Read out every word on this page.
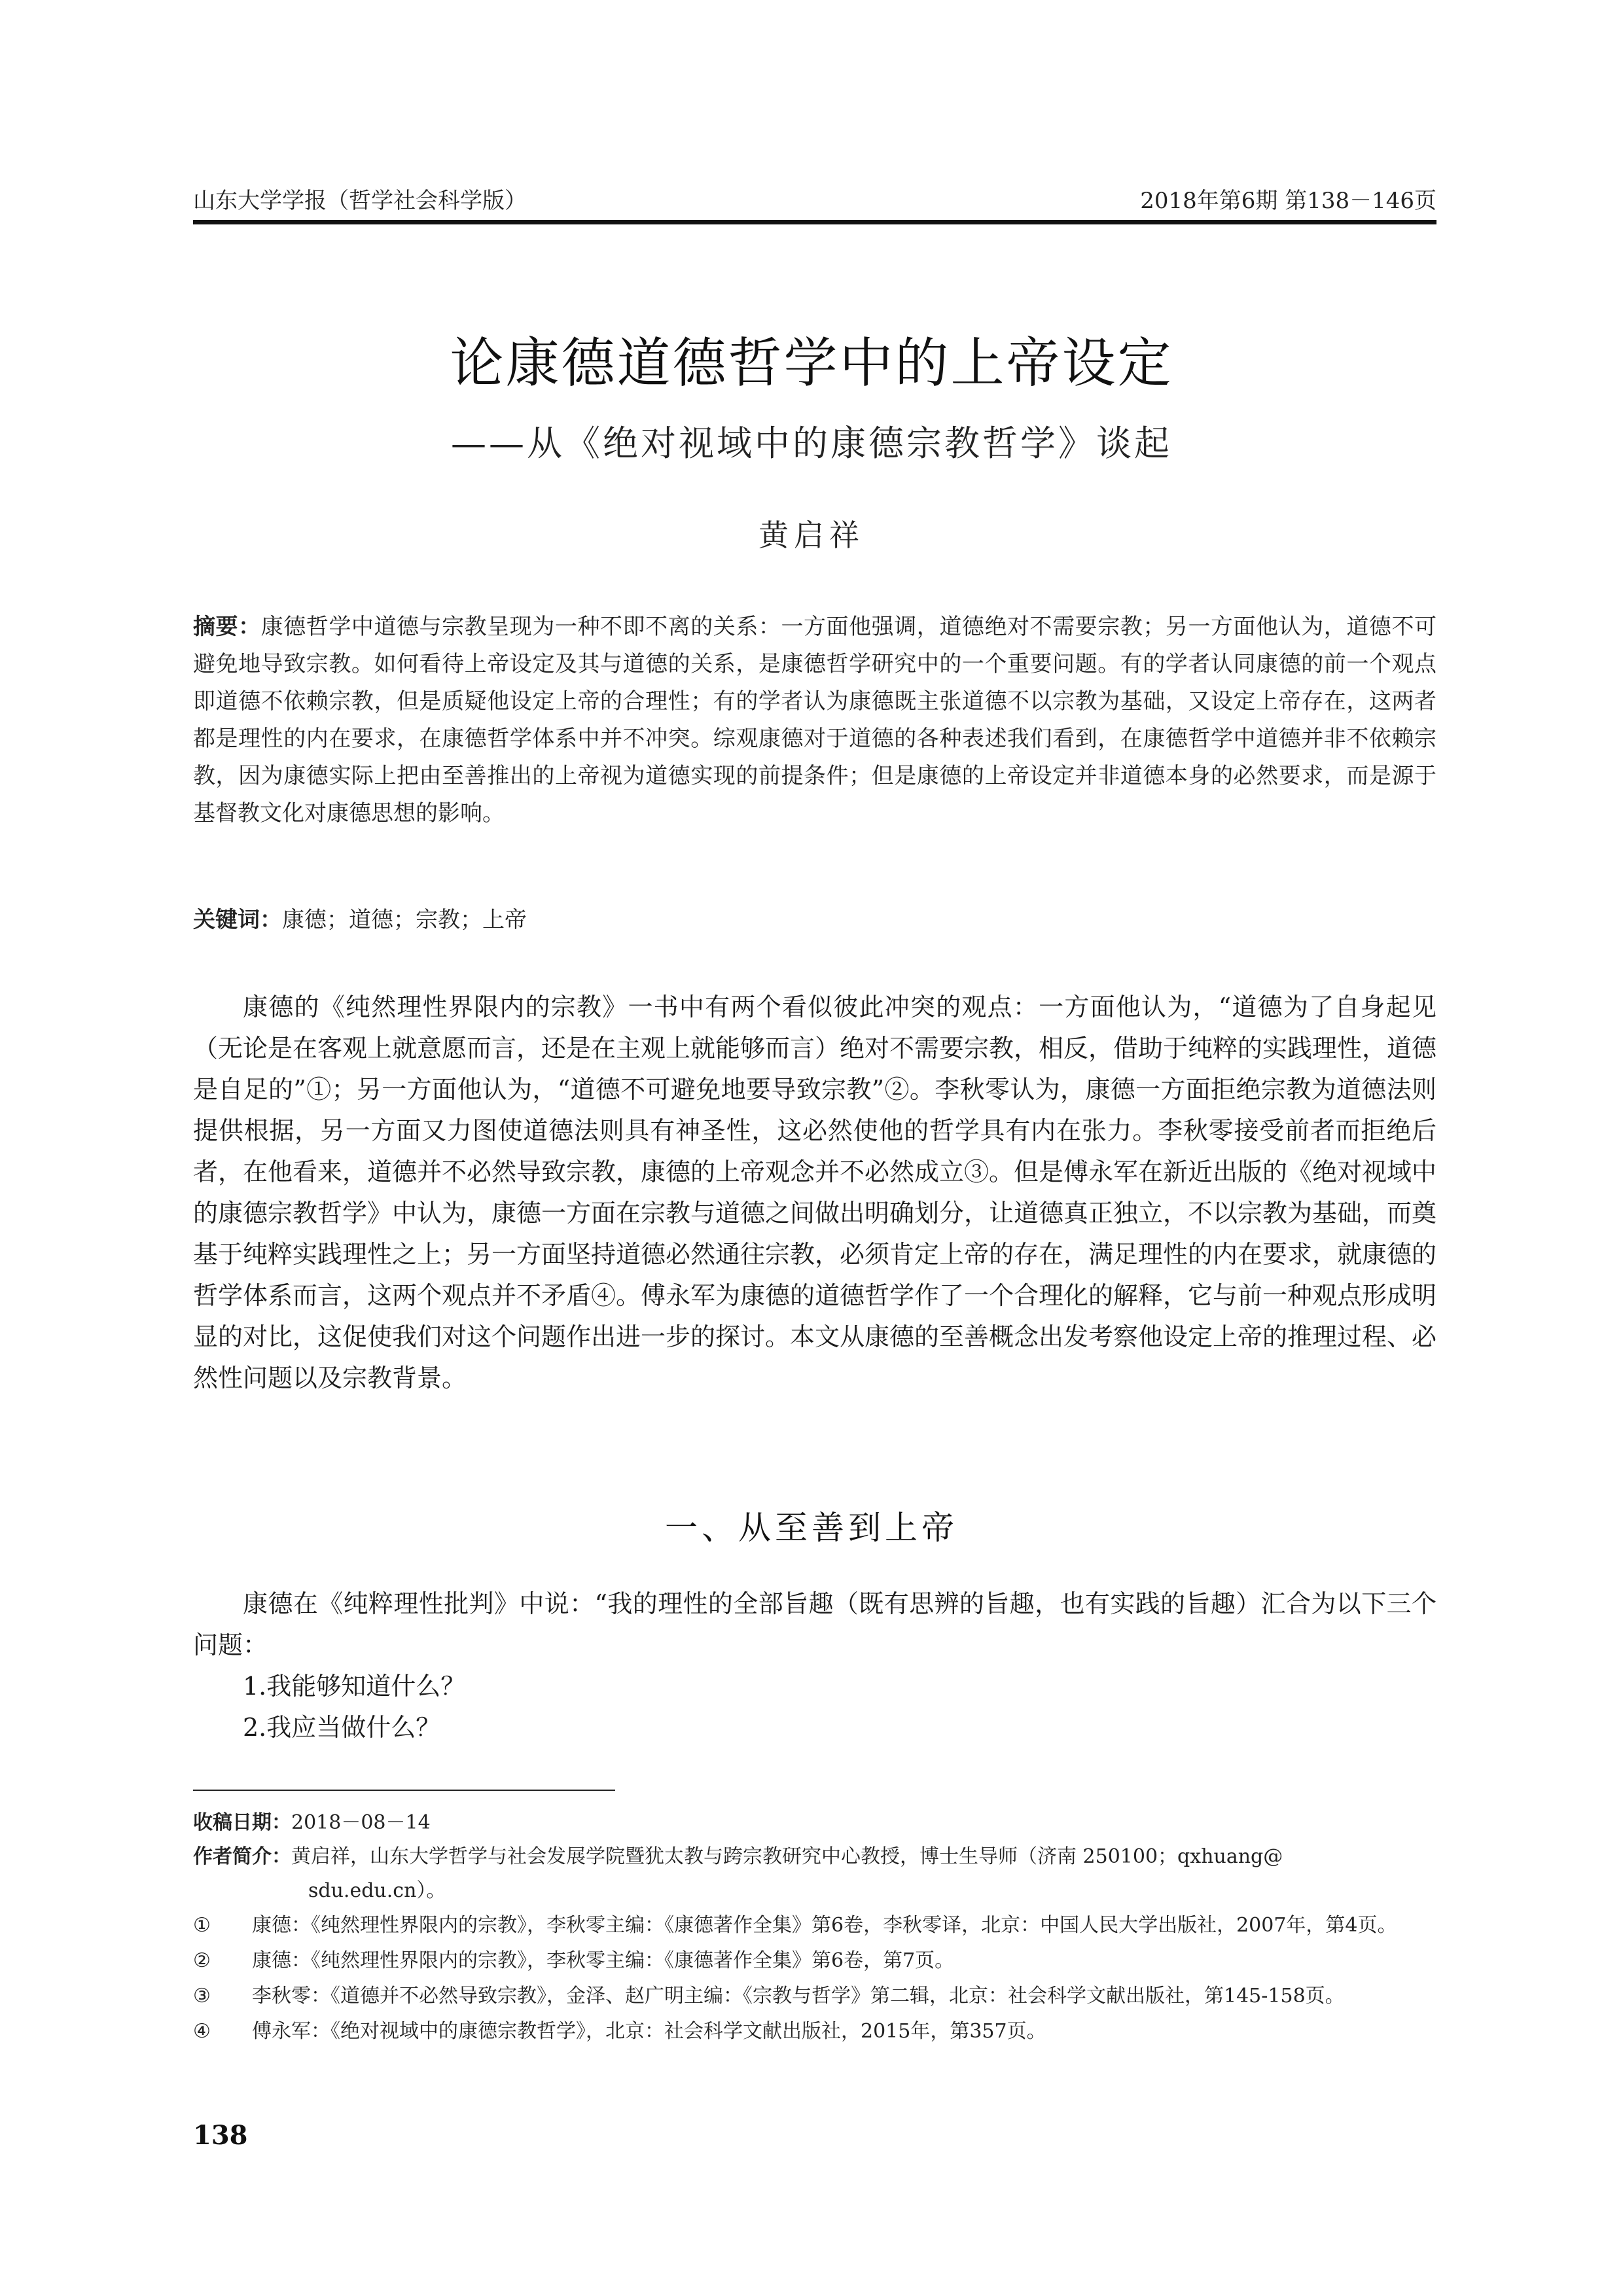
山东大学学报（哲学社会科学版）	2018年第6期 第138－146页
论康德道德哲学中的上帝设定
——从《绝对视域中的康德宗教哲学》谈起
黄启祥
摘要：康德哲学中道德与宗教呈现为一种不即不离的关系：一方面他强调，道德绝对不需要宗教；另一方面他认为，道德不可避免地导致宗教。如何看待上帝设定及其与道德的关系，是康德哲学研究中的一个重要问题。有的学者认同康德的前一个观点即道德不依赖宗教，但是质疑他设定上帝的合理性；有的学者认为康德既主张道德不以宗教为基础，又设定上帝存在，这两者都是理性的内在要求，在康德哲学体系中并不冲突。综观康德对于道德的各种表述我们看到，在康德哲学中道德并非不依赖宗教，因为康德实际上把由至善推出的上帝视为道德实现的前提条件；但是康德的上帝设定并非道德本身的必然要求，而是源于基督教文化对康德思想的影响。
关键词：康德；道德；宗教；上帝

康德的《纯然理性界限内的宗教》一书中有两个看似彼此冲突的观点：一方面他认为，“道德为了自身起见（无论是在客观上就意愿而言，还是在主观上就能够而言）绝对不需要宗教，相反，借助于纯粹的实践理性，道德是自足的”①；另一方面他认为，“道德不可避免地要导致宗教”②。李秋零认为，康德一方面拒绝宗教为道德法则提供根据，另一方面又力图使道德法则具有神圣性，这必然使他的哲学具有内在张力。李秋零接受前者而拒绝后者，在他看来，道德并不必然导致宗教，康德的上帝观念并不必然成立③。但是傅永军在新近出版的《绝对视域中的康德宗教哲学》中认为，康德一方面在宗教与道德之间做出明确划分，让道德真正独立，不以宗教为基础，而奠基于纯粹实践理性之上；另一方面坚持道德必然通往宗教，必须肯定上帝的存在，满足理性的内在要求，就康德的哲学体系而言，这两个观点并不矛盾④。傅永军为康德的道德哲学作了一个合理化的解释，它与前一种观点形成明显的对比，这促使我们对这个问题作出进一步的探讨。本文从康德的至善概念出发考察他设定上帝的推理过程、必然性问题以及宗教背景。

一、从至善到上帝

康德在《纯粹理性批判》中说：“我的理性的全部旨趣（既有思辨的旨趣，也有实践的旨趣）汇合为以下三个问题：

1.我能够知道什么？

2.我应当做什么？

收稿日期：2018－08－14
作者简介：黄启祥，山东大学哲学与社会发展学院暨犹太教与跨宗教研究中心教授，博士生导师（济南 250100；qxhuang@
sdu.edu.cn）。
①	康德：《纯然理性界限内的宗教》，李秋零主编：《康德著作全集》第6卷，李秋零译，北京：中国人民大学出版社，2007年，第4页。
②	康德：《纯然理性界限内的宗教》，李秋零主编：《康德著作全集》第6卷，第7页。
③	李秋零：《道德并不必然导致宗教》，金泽、赵广明主编：《宗教与哲学》第二辑，北京：社会科学文献出版社，第145-158页。
④	傅永军：《绝对视域中的康德宗教哲学》，北京：社会科学文献出版社，2015年，第357页。
138
